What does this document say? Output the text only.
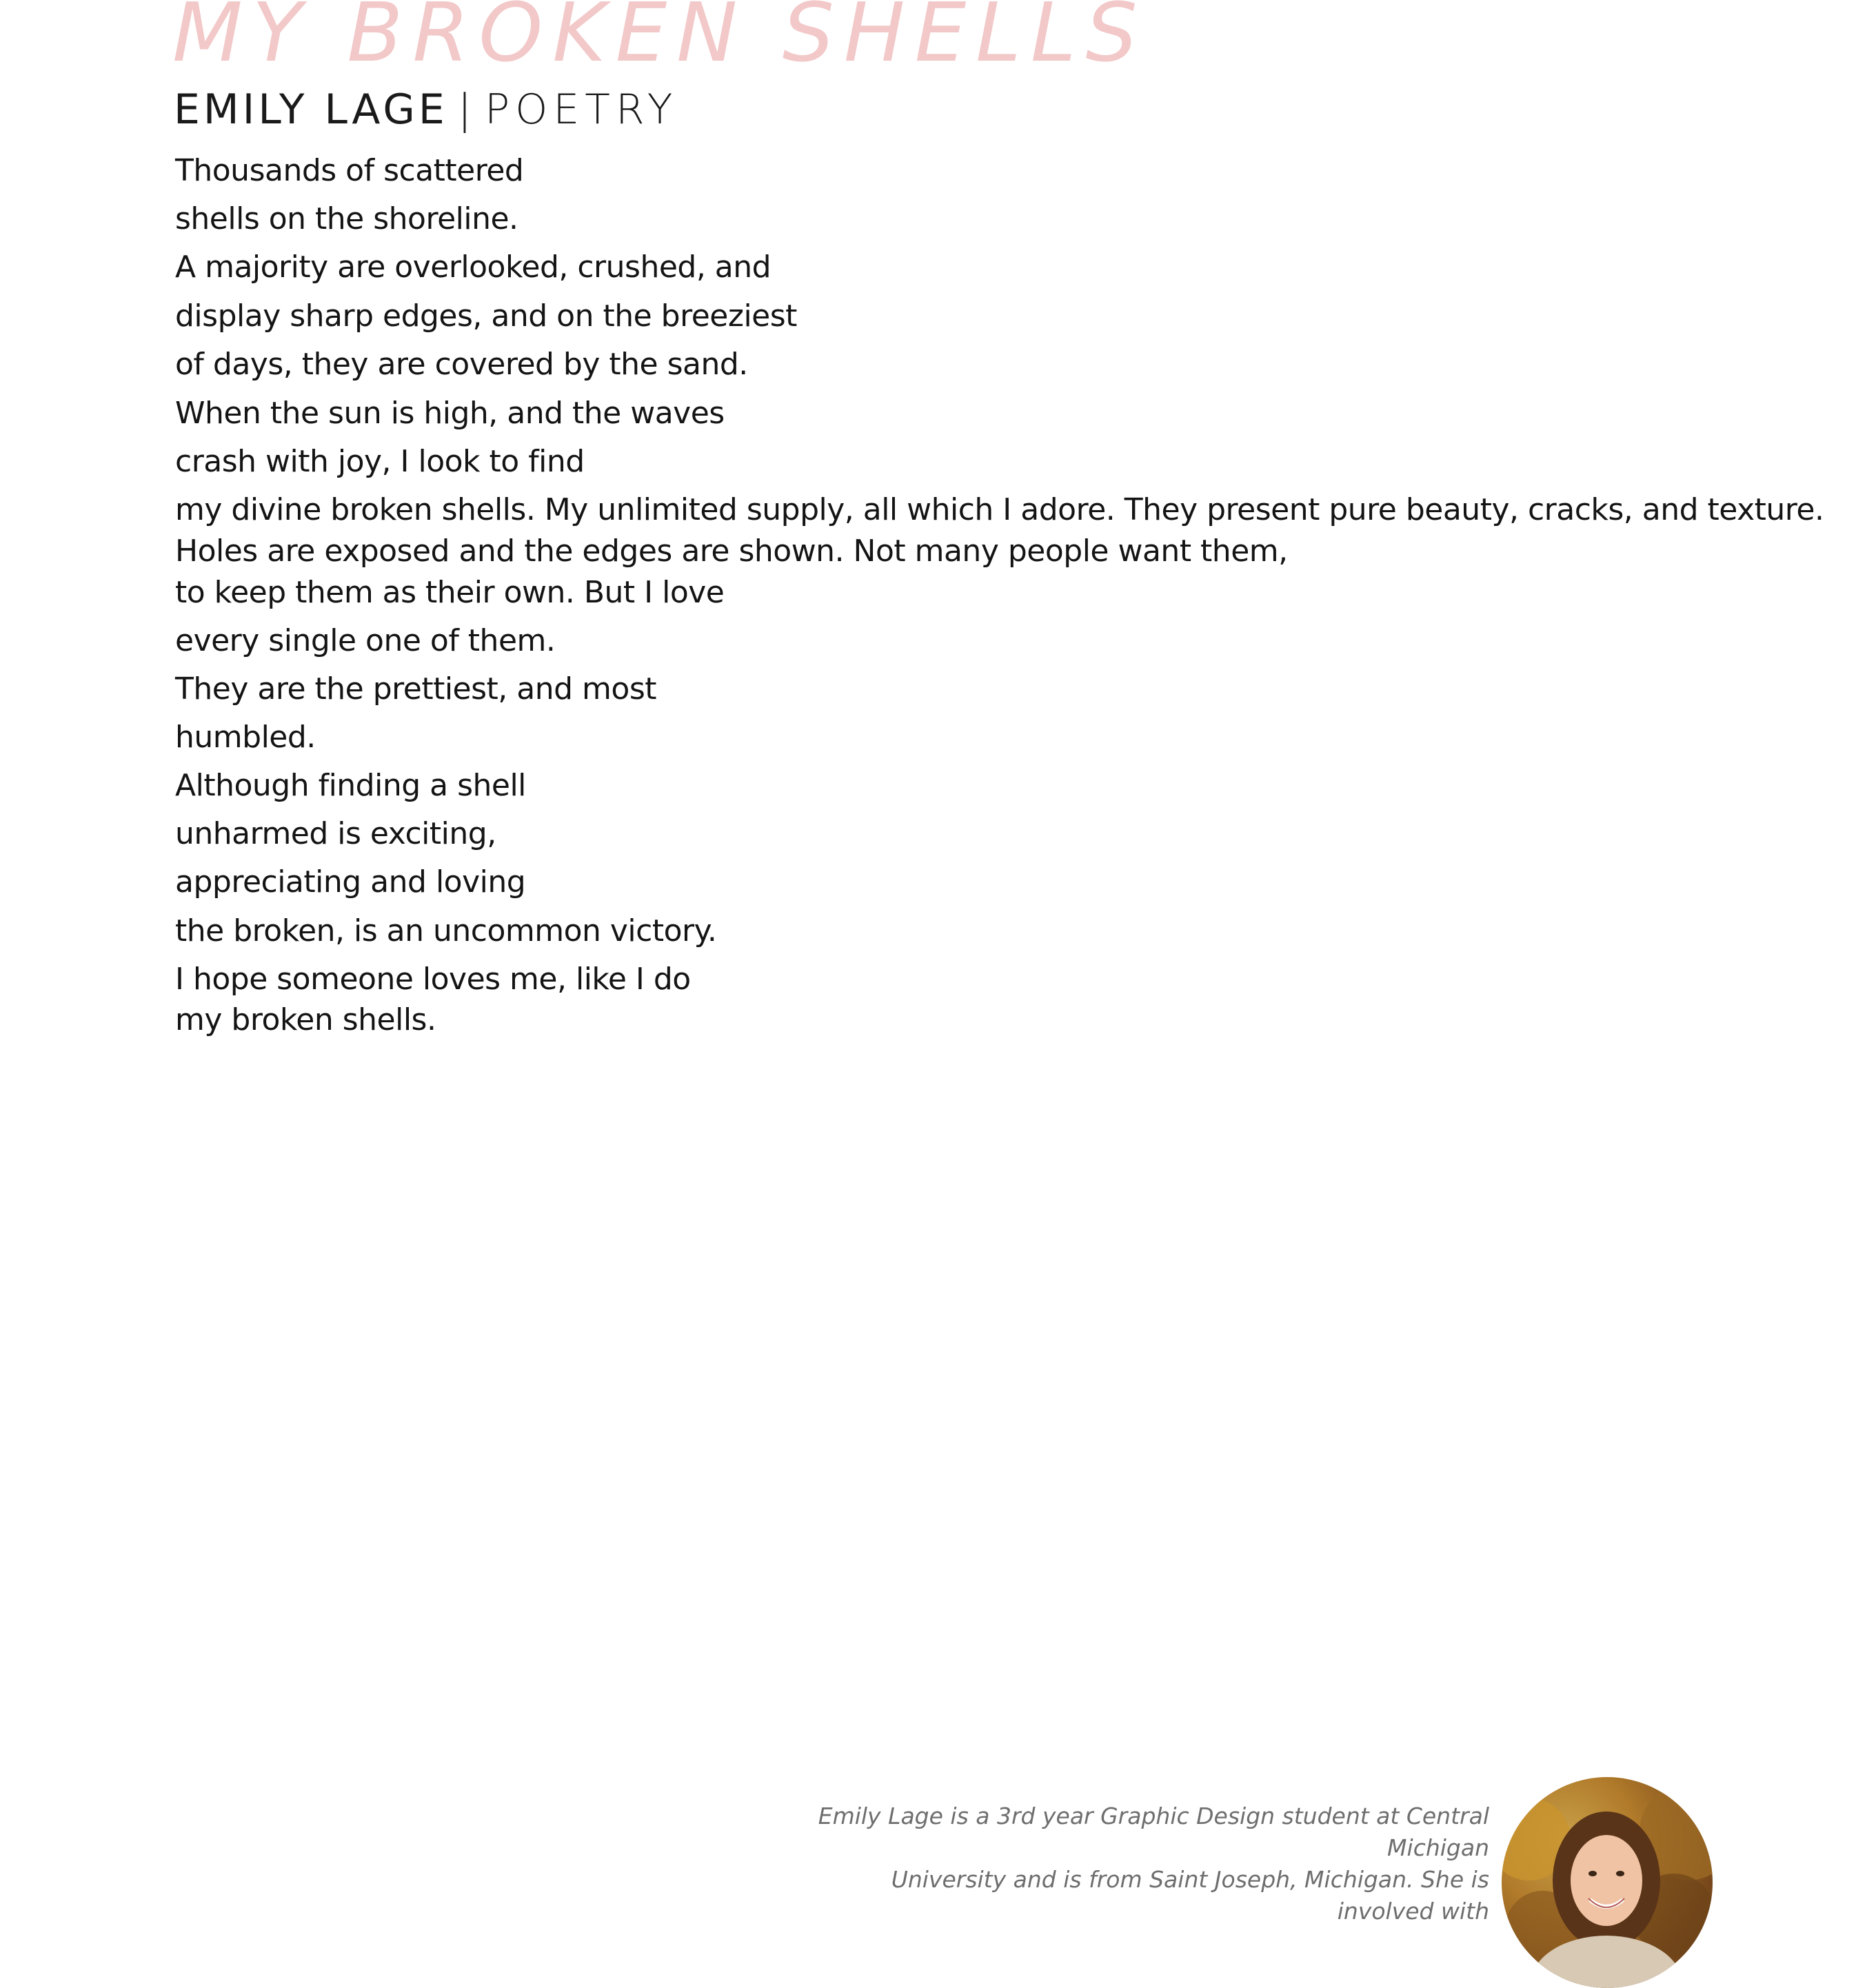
MY BROKEN SHELLS
EMILY LAGE | POETRY
Thousands of scattered
shells on the shoreline.
A majority are overlooked, crushed, and
display sharp edges, and on the breeziest
of days, they are covered by the sand.
When the sun is high, and the waves
crash with joy, I look to find
my divine broken shells. My unlimited supply, all which I adore. They present pure beauty, cracks, and texture.
Holes are exposed and the edges are shown. Not many people want them,
to keep them as their own. But I love
every single one of them.
They are the prettiest, and most
humbled.
Although finding a shell
unharmed is exciting,
appreciating and loving
the broken, is an uncommon victory.
I hope someone loves me, like I do
my broken shells.
Emily Lage is a 3rd year Graphic Design student at Central Michigan
University and is from Saint Joseph, Michigan. She is involved with
